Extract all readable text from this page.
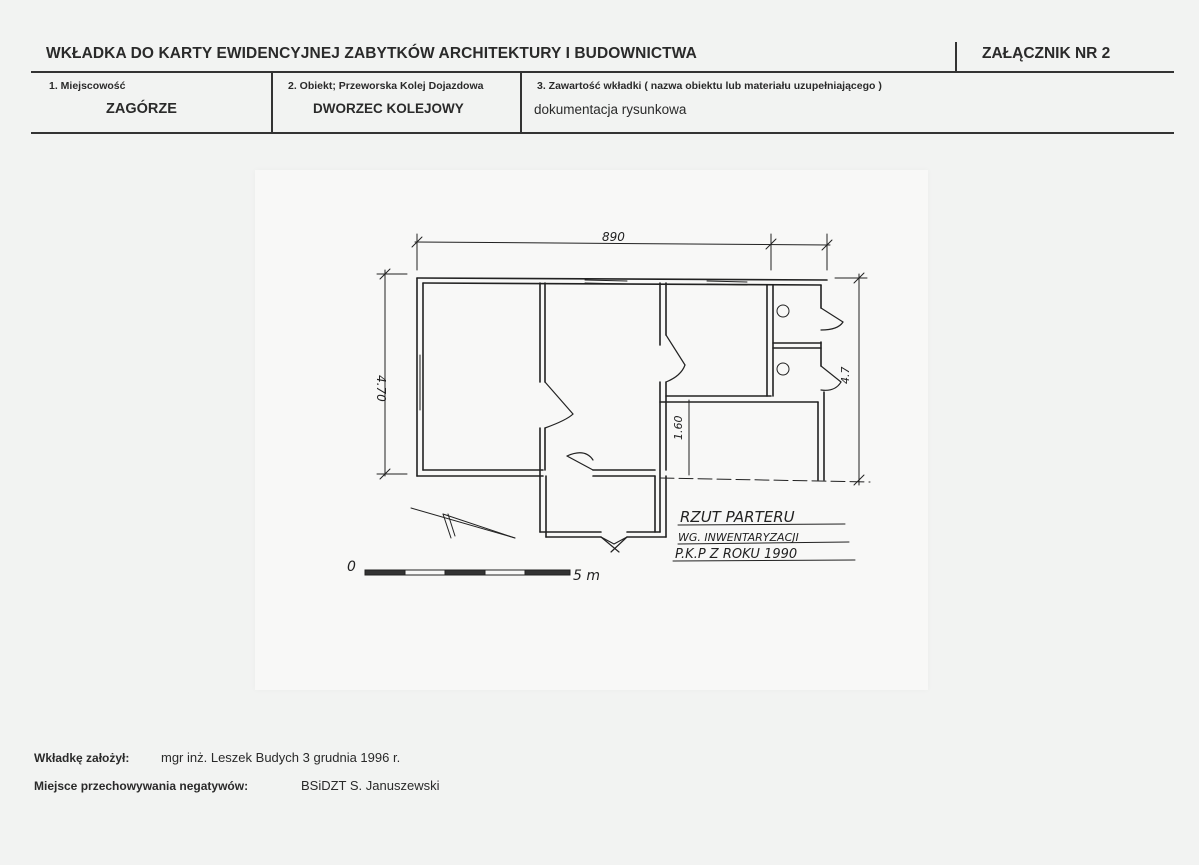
WKŁADKA DO KARTY EWIDENCYJNEJ ZABYTKÓW ARCHITEKTURY I BUDOWNICTWA	ZAŁĄCZNIK NR 2
1. Miejscowość
ZAGÓRZE
2. Obiekt; Przeworska Kolej Dojazdowa
DWORZEC KOLEJOWY
3. Zawartość wkładki ( nazwa obiektu lub materiału uzupełniającego )
dokumentacja rysunkowa
890
4.70	4.7
1.60
RZUT PARTERU
WG. INWENTARYZACJI
P.K.P Z ROKU 1990
0
5 m
Wkładkę założył: mgr inż. Leszek Budych 3 grudnia 1996 r.
Miejsce przechowywania negatywów:	BSiDZT S. Januszewski
